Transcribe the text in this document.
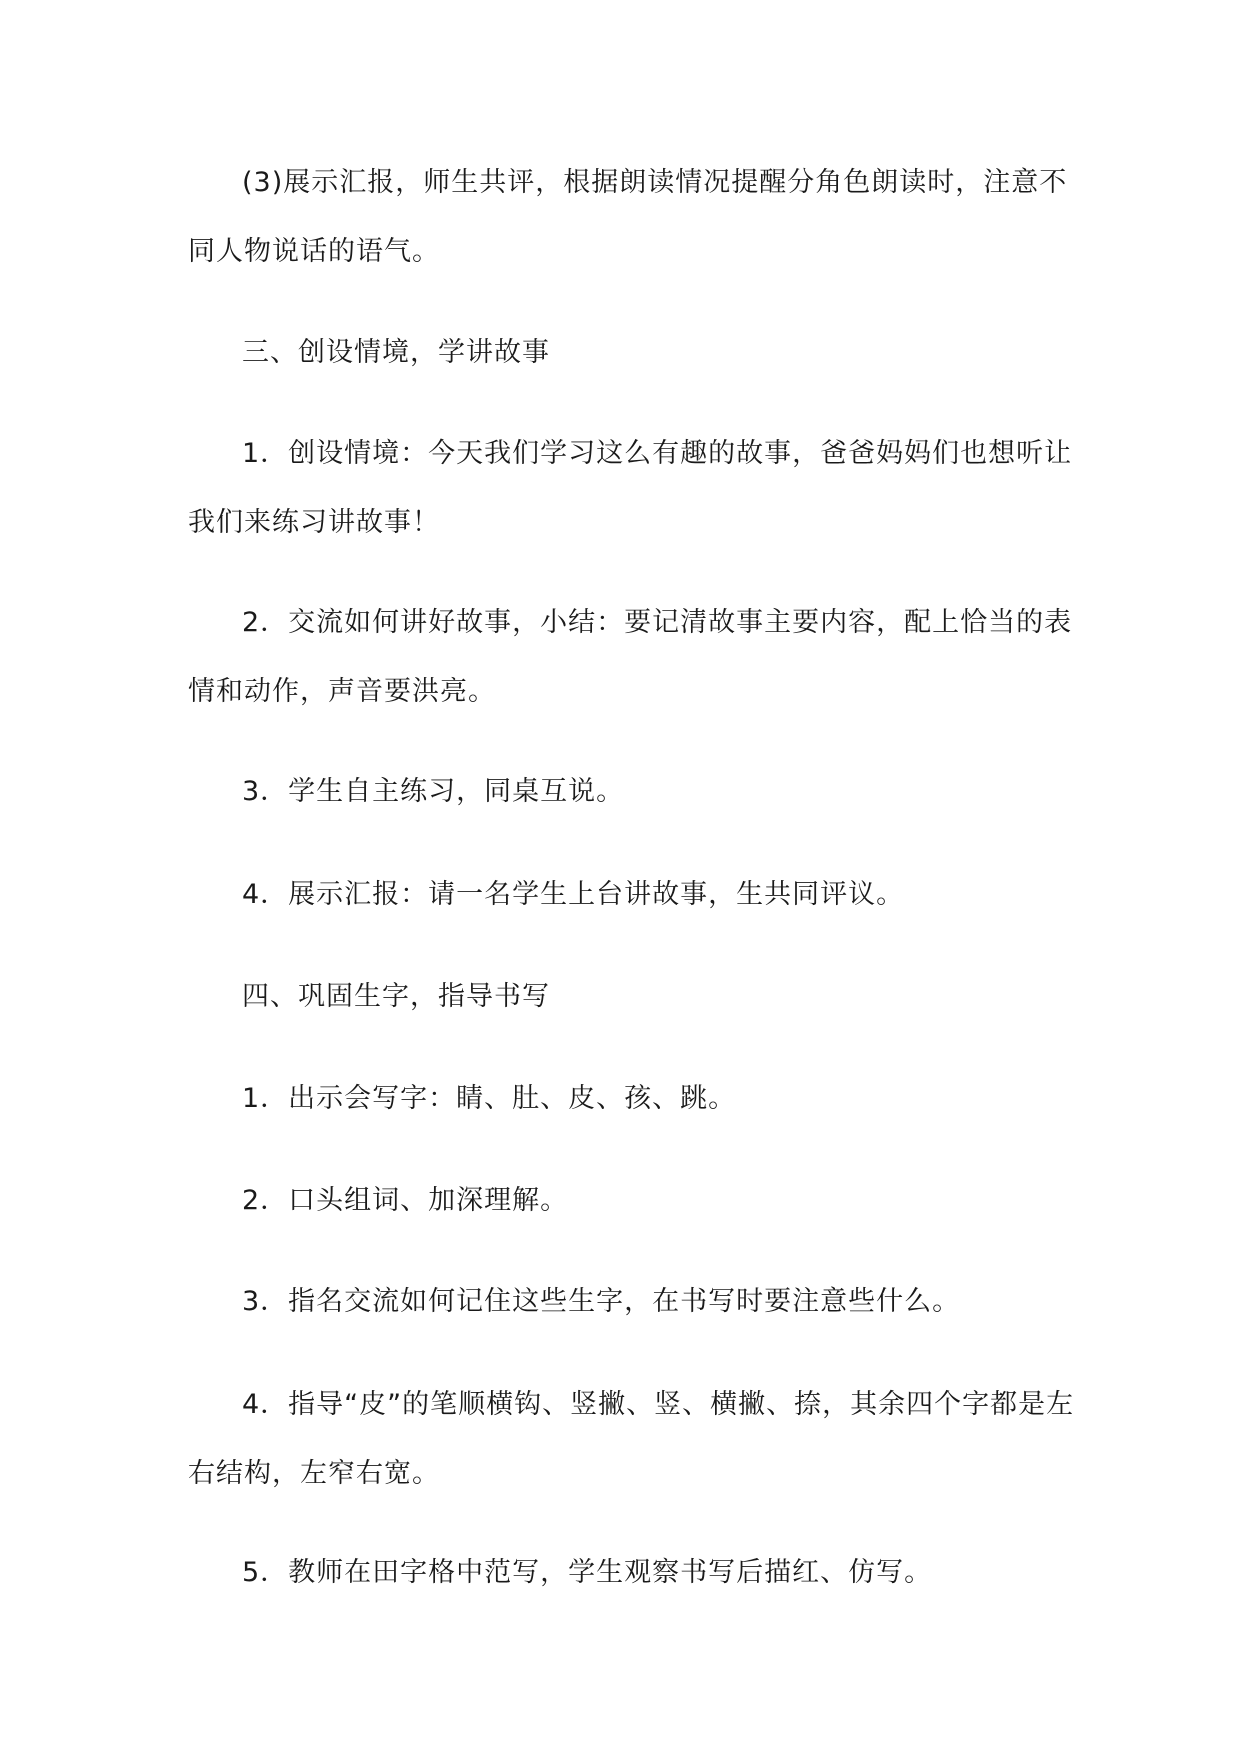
(3)展示汇报，师生共评，根据朗读情况提醒分角色朗读时，注意不同人物说话的语气。

三、创设情境，学讲故事

1．创设情境：今天我们学习这么有趣的故事，爸爸妈妈们也想听让我们来练习讲故事！

2．交流如何讲好故事，小结：要记清故事主要内容，配上恰当的表情和动作，声音要洪亮。

3．学生自主练习，同桌互说。

4．展示汇报：请一名学生上台讲故事，生共同评议。

四、巩固生字，指导书写

1．出示会写字：睛、肚、皮、孩、跳。

2．口头组词、加深理解。

3．指名交流如何记住这些生字，在书写时要注意些什么。

4．指导“皮”的笔顺横钩、竖撇、竖、横撇、捺，其余四个字都是左右结构，左窄右宽。

5．教师在田字格中范写，学生观察书写后描红、仿写。
